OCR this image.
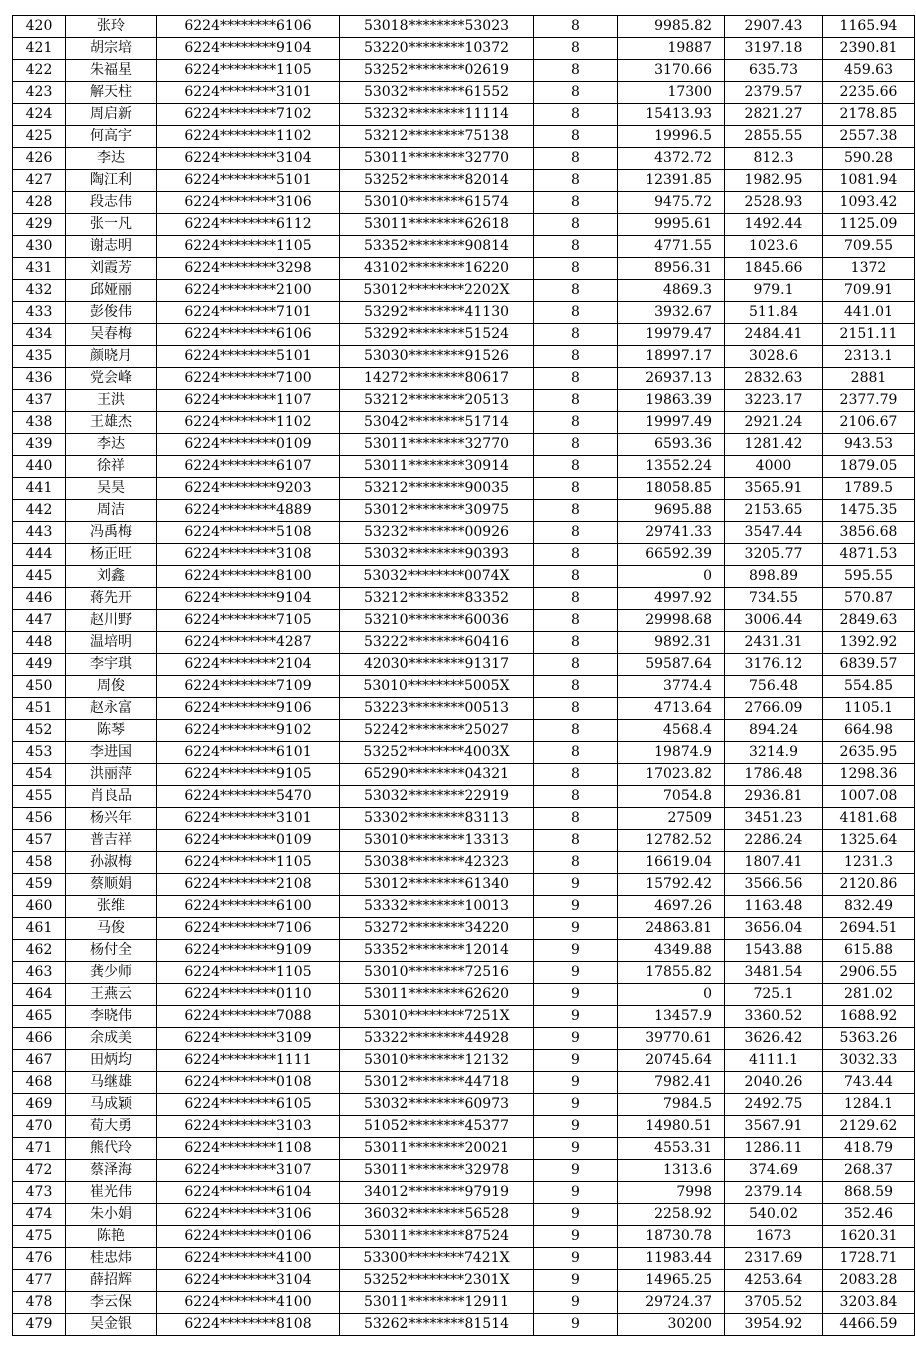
420	张玲	6224********6106	53018********53023	8	9985.82	2907.43	1165.94
421	胡宗培	6224********9104	53220********10372	8	19887	3197.18	2390.81
422	朱福星	6224********1105	53252********02619	8	3170.66	635.73	459.63
423	解天柱	6224********3101	53032********61552	8	17300	2379.57	2235.66
424	周启新	6224********7102	53232********11114	8	15413.93	2821.27	2178.85
425	何高宇	6224********1102	53212********75138	8	19996.5	2855.55	2557.38
426	李达	6224********3104	53011********32770	8	4372.72	812.3	590.28
427	陶江利	6224********5101	53252********82014	8	12391.85	1982.95	1081.94
428	段志伟	6224********3106	53010********61574	8	9475.72	2528.93	1093.42
429	张一凡	6224********6112	53011********62618	8	9995.61	1492.44	1125.09
430	谢志明	6224********1105	53352********90814	8	4771.55	1023.6	709.55
431	刘霞芳	6224********3298	43102********16220	8	8956.31	1845.66	1372
432	邱娅丽	6224********2100	53012********2202X	8	4869.3	979.1	709.91
433	彭俊伟	6224********7101	53292********41130	8	3932.67	511.84	441.01
434	吴春梅	6224********6106	53292********51524	8	19979.47	2484.41	2151.11
435	颜晓月	6224********5101	53030********91526	8	18997.17	3028.6	2313.1
436	党会峰	6224********7100	14272********80617	8	26937.13	2832.63	2881
437	王洪	6224********1107	53212********20513	8	19863.39	3223.17	2377.79
438	王雄杰	6224********1102	53042********51714	8	19997.49	2921.24	2106.67
439	李达	6224********0109	53011********32770	8	6593.36	1281.42	943.53
440	徐祥	6224********6107	53011********30914	8	13552.24	4000	1879.05
441	吴昊	6224********9203	53212********90035	8	18058.85	3565.91	1789.5
442	周洁	6224********4889	53012********30975	8	9695.88	2153.65	1475.35
443	冯禹梅	6224********5108	53232********00926	8	29741.33	3547.44	3856.68
444	杨正旺	6224********3108	53032********90393	8	66592.39	3205.77	4871.53
445	刘鑫	6224********8100	53032********0074X	8	0	898.89	595.55
446	蒋先开	6224********9104	53212********83352	8	4997.92	734.55	570.87
447	赵川野	6224********7105	53210********60036	8	29998.68	3006.44	2849.63
448	温培明	6224********4287	53222********60416	8	9892.31	2431.31	1392.92
449	李宇琪	6224********2104	42030********91317	8	59587.64	3176.12	6839.57
450	周俊	6224********7109	53010********5005X	8	3774.4	756.48	554.85
451	赵永富	6224********9106	53223********00513	8	4713.64	2766.09	1105.1
452	陈琴	6224********9102	52242********25027	8	4568.4	894.24	664.98
453	李进国	6224********6101	53252********4003X	8	19874.9	3214.9	2635.95
454	洪丽萍	6224********9105	65290********04321	8	17023.82	1786.48	1298.36
455	肖良品	6224********5470	53032********22919	8	7054.8	2936.81	1007.08
456	杨兴年	6224********3101	53302********83113	8	27509	3451.23	4181.68
457	普吉祥	6224********0109	53010********13313	8	12782.52	2286.24	1325.64
458	孙淑梅	6224********1105	53038********42323	8	16619.04	1807.41	1231.3
459	蔡顺娟	6224********2108	53012********61340	9	15792.42	3566.56	2120.86
460	张维	6224********6100	53332********10013	9	4697.26	1163.48	832.49
461	马俊	6224********7106	53272********34220	9	24863.81	3656.04	2694.51
462	杨付全	6224********9109	53352********12014	9	4349.88	1543.88	615.88
463	龚少师	6224********1105	53010********72516	9	17855.82	3481.54	2906.55
464	王燕云	6224********0110	53011********62620	9	0	725.1	281.02
465	李晓伟	6224********7088	53010********7251X	9	13457.9	3360.52	1688.92
466	余成美	6224********3109	53322********44928	9	39770.61	3626.42	5363.26
467	田炳均	6224********1111	53010********12132	9	20745.64	4111.1	3032.33
468	马继雄	6224********0108	53012********44718	9	7982.41	2040.26	743.44
469	马成颖	6224********6105	53032********60973	9	7984.5	2492.75	1284.1
470	荀大勇	6224********3103	51052********45377	9	14980.51	3567.91	2129.62
471	熊代玲	6224********1108	53011********20021	9	4553.31	1286.11	418.79
472	蔡泽海	6224********3107	53011********32978	9	1313.6	374.69	268.37
473	崔光伟	6224********6104	34012********97919	9	7998	2379.14	868.59
474	朱小娟	6224********3106	36032********56528	9	2258.92	540.02	352.46
475	陈艳	6224********0106	53011********87524	9	18730.78	1673	1620.31
476	桂忠炜	6224********4100	53300********7421X	9	11983.44	2317.69	1728.71
477	薛招辉	6224********3104	53252********2301X	9	14965.25	4253.64	2083.28
478	李云保	6224********4100	53011********12911	9	29724.37	3705.52	3203.84
479	吴金银	6224********8108	53262********81514	9	30200	3954.92	4466.59
